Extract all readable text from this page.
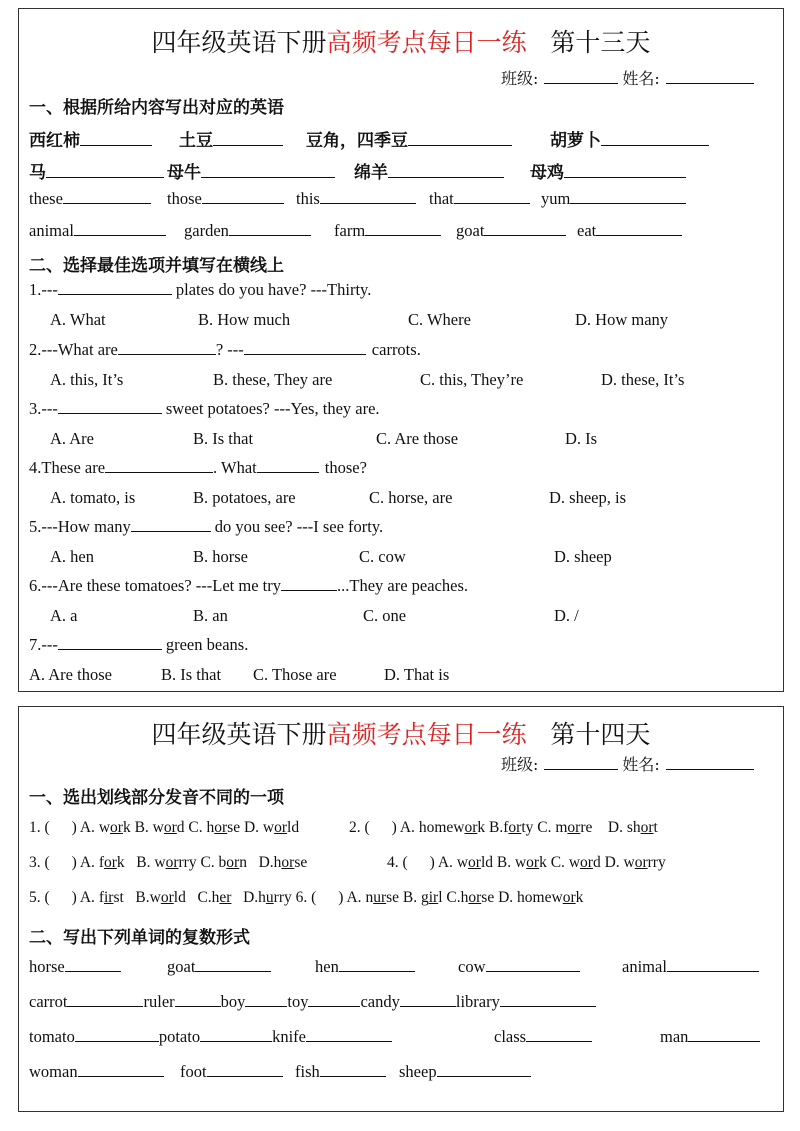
四年级英语下册高频考点每日一练 第十三天
班级:	姓名:
一、根据所给内容写出对应的英语
西红柿	土豆	豆角，四季豆	胡萝卜
马	母牛	绵羊	母鸡
these	those	this	that	yum
animal	garden	farm	goat	eat
二、选择最佳选项并填写在横线上
1.---	plates do you have? ---Thirty.
A. What	B. How much	C. Where	D. How many
2.---What are	? ---	carrots.
A. this, It’s	B. these, They are	C. this, They’re	D. these, It’s
3.---	sweet potatoes? ---Yes, they are.
A. Are	B. Is that	C. Are those	D. Is
4.These are	. What	those?
A. tomato, is	B. potatoes, are	C. horse, are	D. sheep, is
5.---How many	do you see? ---I see forty.
A. hen	B. horse	C. cow	D. sheep
6.---Are these tomatoes? ---Let me try	...They are peaches.
A. a	B. an	C. one	D. /
7.---	green beans.
A. Are those	B. Is that C. Those are	D. That is
四年级英语下册高频考点每日一练 第十四天
班级:	姓名:
一、选出划线部分发音不同的一项
1. ( ) A. work B. word C. horse D. world	2. ( ) A. homework B.forty C. morre D. short
3. ( ) A. fork B. worrry C. born D.horse	4. ( ) A. world B. work C. word D. worrry
5. ( ) A. first B.world C.her D.hurry 6. ( ) A. nurse B. girl C.horse D. homework
二、写出下列单词的复数形式
horse	goat	hen	cow	animal
carrot	ruler	boy	toy	candy	library
tomato	potato	knife	class	man
woman	foot	fish	sheep
